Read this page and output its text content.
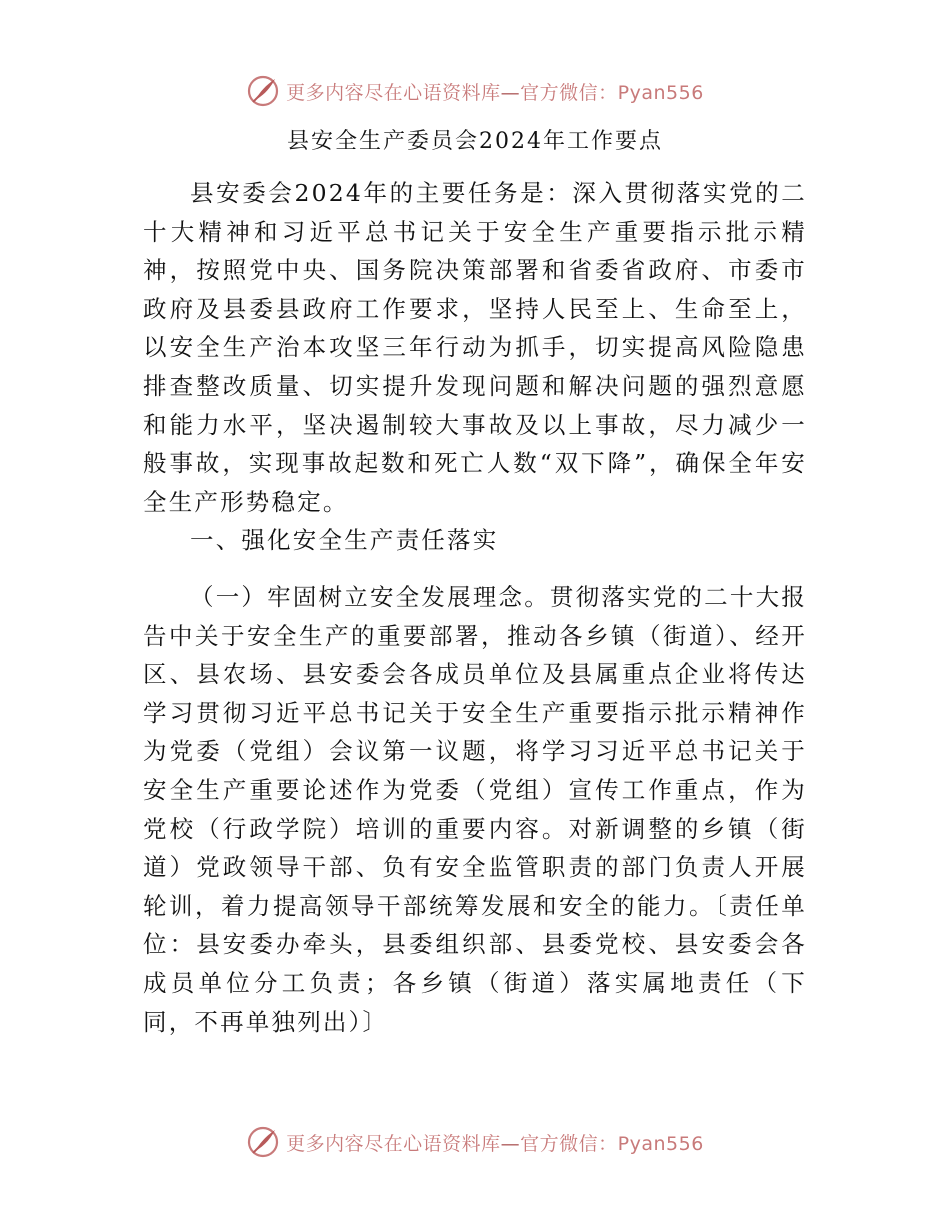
更多内容尽在心语资料库—官方微信：Pyan556
县安全生产委员会2024年工作要点

县安委会2024年的主要任务是：深入贯彻落实党的二十大精神和习近平总书记关于安全生产重要指示批示精神，按照党中央、国务院决策部署和省委省政府、市委市政府及县委县政府工作要求，坚持人民至上、生命至上，以安全生产治本攻坚三年行动为抓手，切实提高风险隐患排查整改质量、切实提升发现问题和解决问题的强烈意愿和能力水平，坚决遏制较大事故及以上事故，尽力减少一般事故，实现事故起数和死亡人数“双下降”，确保全年安全生产形势稳定。

一、强化安全生产责任落实

（一）牢固树立安全发展理念。贯彻落实党的二十大报告中关于安全生产的重要部署，推动各乡镇（街道）、经开区、县农场、县安委会各成员单位及县属重点企业将传达学习贯彻习近平总书记关于安全生产重要指示批示精神作为党委（党组）会议第一议题，将学习习近平总书记关于安全生产重要论述作为党委（党组）宣传工作重点，作为党校（行政学院）培训的重要内容。对新调整的乡镇（街道）党政领导干部、负有安全监管职责的部门负责人开展轮训，着力提高领导干部统筹发展和安全的能力。〔责任单位：县安委办牵头，县委组织部、县委党校、县安委会各成员单位分工负责；各乡镇（街道）落实属地责任（下同，不再单独列出）〕

更多内容尽在心语资料库—官方微信：Pyan556
